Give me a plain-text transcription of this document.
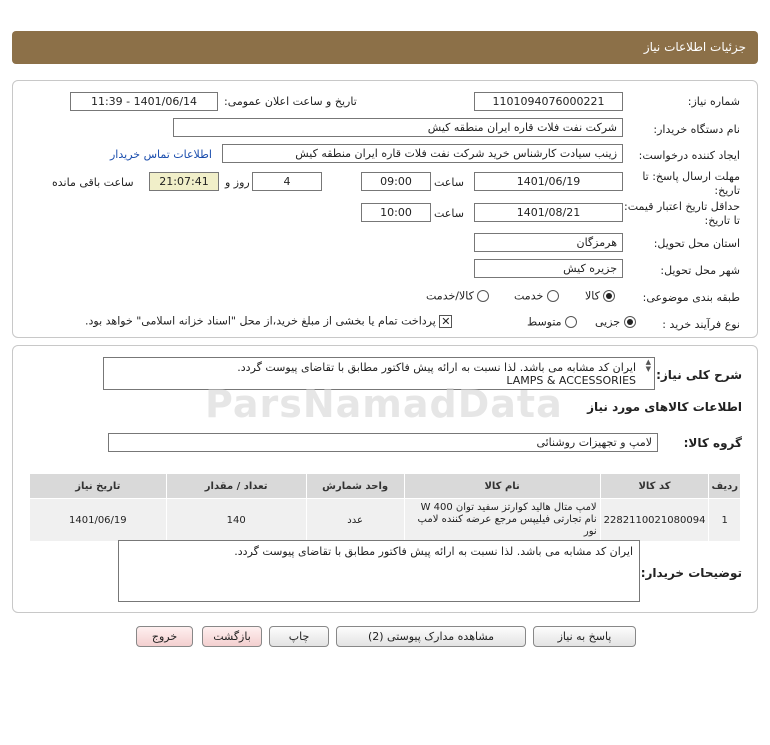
جزئیات اطلاعات نیاز
شماره نیاز:
1101094076000221
تاریخ و ساعت اعلان عمومی:
1401/06/14 - 11:39
نام دستگاه خریدار:
شرکت نفت فلات قاره ایران منطقه کیش
ایجاد کننده درخواست:
زینب سیادت کارشناس خرید شرکت نفت فلات قاره ایران منطقه کیش
اطلاعات تماس خریدار
مهلت ارسال پاسخ: تا تاریخ:
1401/06/19
ساعت
09:00
4
روز و
21:07:41
ساعت باقی مانده
حداقل تاریخ اعتبار قیمت: تا تاریخ:
1401/08/21
ساعت
10:00
استان محل تحویل:
هرمزگان
شهر محل تحویل:
جزیره کیش
طبقه بندی موضوعی:
کالا
خدمت
کالا/خدمت
نوع فرآیند خرید :
جزیی
متوسط
✕ پرداخت تمام یا بخشی از مبلغ خرید،از محل "اسناد خزانه اسلامی" خواهد بود.
شرح کلی نیاز:
ایران کد مشابه می باشد. لذا نسبت به ارائه پیش فاکتور مطابق با تقاضای پیوست گردد.
LAMPS & ACCESSORIES
▲
▼
اطلاعات کالاهای مورد نیاز
گروه کالا:
لامپ و تجهیزات روشنائی
ردیف	کد کالا	نام کالا	واحد شمارش	تعداد / مقدار	تاریخ نیاز
1	2282110021080094	لامپ متال هالید کوارتز سفید توان 400 W نام تجارتی فیلیپس مرجع عرضه کننده لامپ نور	عدد	140	1401/06/19
توضیحات خریدار:
ایران کد مشابه می باشد. لذا نسبت به ارائه پیش فاکتور مطابق با تقاضای پیوست گردد.
ParsNamadData
پاسخ به نیاز
مشاهده مدارک پیوستی (2)
چاپ
بازگشت
خروج
